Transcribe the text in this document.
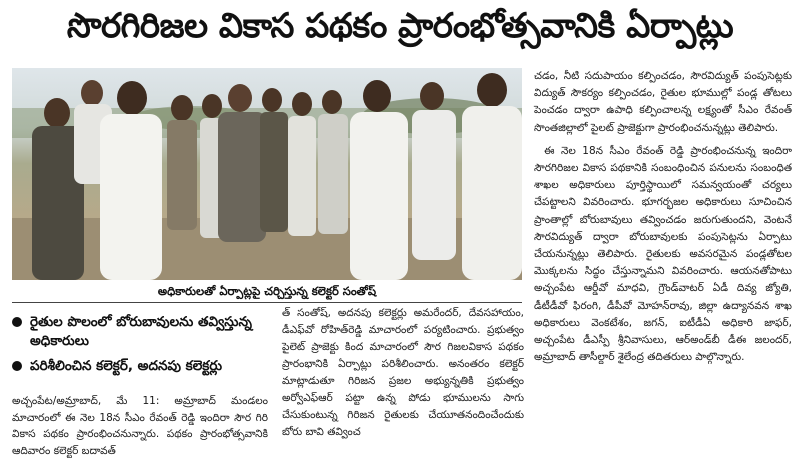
సొరగిరిజల వికాస పథకం ప్రారంభోత్సవానికి ఏర్పాట్లు
అధికారులతో ఏర్పాట్లపై చర్చిస్తున్న కలెక్టర్ సంతోష్
రైతుల పొలంలో బోరుబావులను తవ్విస్తున్న అధికారులు
పరిశీలించిన కలెక్టర్, అదనపు కలెక్టర్లు

అచ్చంపేట/అమ్రాబాద్, మే 11: అమ్రాబాద్ మండలం మాచారంలో ఈ నెల 18న సీఎం రేవంత్ రెడ్డి ఇందిరా సౌర గిరి వికాస పథకం ప్రారంభించనున్నారు. పథకం ప్రారంభోత్సవానికి ఆదివారం కలెక్టర్ బదావత్

త్ సంతోష్, అదనపు కలెక్టర్లు అమరేందర్, దేవసహాయం, డీఎఫ్‌వో రోహిత్‌రెడ్డి మాచారంలో పర్యటించారు. ప్రభుత్వం పైలెట్ ప్రాజెక్టు కింద మాచారంలో సౌర గిజలవికాస పథకం ప్రారంభానికి ఏర్పాట్లు పరిశీలించారు. అనంతరం కలెక్టర్ మాట్లాడుతూ గిరిజన ప్రజల అభ్యున్నతికి ప్రభుత్వం అర్వోఎఫ్ఆర్ పట్టా ఉన్న పోడు భూములను సాగు చేసుకుంటున్న గిరిజన రైతులకు చేయూతనందించేందుకు బోరు బావి తవ్వించ

చడం, నీటి సదుపాయం కల్పించడం, సౌరవిద్యుత్ పంపుసెట్లకు విద్యుత్ సౌకర్యం కల్పించడం, రైతుల భూముల్లో పండ్ల తోటలు పెంచడం ద్వారా ఉపాధి కల్పించాలన్న లక్ష్యంతో సీఎం రేవంత్ సొంతజిల్లాలో పైలట్ ప్రాజెక్టుగా ప్రారంభించనున్నట్లు తెలిపారు.

ఈ నెల 18న సీఎం రేవంత్ రెడ్డి ప్రారంభించనున్న ఇందిరా సౌరగిరిజల వికాస పథకానికి సంబంధించిన పనులను సంబంధిత శాఖల అధికారులు పూర్తిస్థాయిలో సమన్వయంతో చర్యలు చేపట్టాలని వివరించారు. భూగర్భజల అధికారులు సూచించిన ప్రాంతాల్లో బోరుబావులు తవ్వించడం జరుగుతుందని, వెంటనే సౌరవిద్యుత్ ద్వారా బోరుబావులకు పంపుసెట్లను ఏర్పాటు చేయనున్నట్లు తెలిపారు. రైతులకు అవసరమైన పండ్లతోటల మొక్కలను సిద్ధం చేస్తున్నామని వివరించారు. ఆయనతోపాటు అచ్చంపేట ఆర్డీవో మాధవి, గ్రౌండ్‌వాటర్ ఏడీ దివ్య జ్యోతి, డీటీడీవో ఫిరంగి, డీపీవో మోహన్‌రావు, జిల్లా ఉద్యానవన శాఖ అధికారులు వెంకటేశం, జగన్, ఐటీడీఏ అధికారి జాఫర్, అచ్చంపేట డీఎస్పీ శ్రీనివాసులు, ఆర్‌అండ్‌బీ డీఈ జలందర్, అమ్రాబాద్ తాసీల్దార్ శైలేంద్ర తదితరులు పాల్గొన్నారు.
